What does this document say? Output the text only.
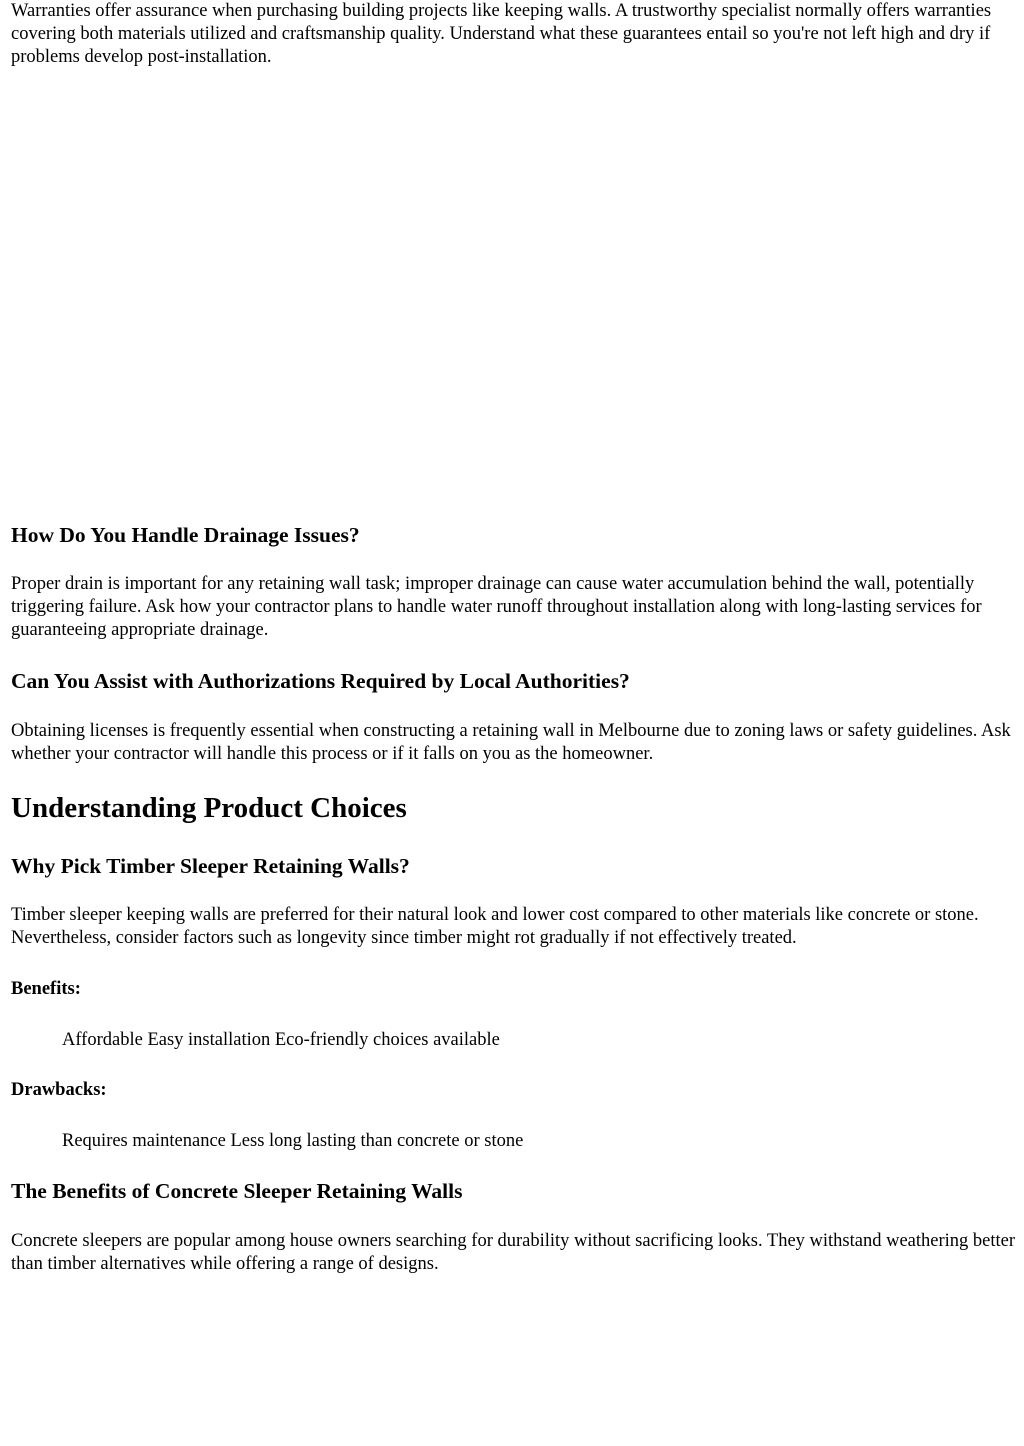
Warranties offer assurance when purchasing building projects like keeping walls. A trustworthy specialist normally offers warranties covering both materials utilized and craftsmanship quality. Understand what these guarantees entail so you're not left high and dry if problems develop post-installation.

How Do You Handle Drainage Issues?

Proper drain is important for any retaining wall task; improper drainage can cause water accumulation behind the wall, potentially triggering failure. Ask how your contractor plans to handle water runoff throughout installation along with long-lasting services for guaranteeing appropriate drainage.

Can You Assist with Authorizations Required by Local Authorities?

Obtaining licenses is frequently essential when constructing a retaining wall in Melbourne due to zoning laws or safety guidelines. Ask whether your contractor will handle this process or if it falls on you as the homeowner.

Understanding Product Choices
Why Pick Timber Sleeper Retaining Walls?

Timber sleeper keeping walls are preferred for their natural look and lower cost compared to other materials like concrete or stone. Nevertheless, consider factors such as longevity since timber might rot gradually if not effectively treated.

Benefits:

Affordable Easy installation Eco-friendly choices available

Drawbacks:

Requires maintenance Less long lasting than concrete or stone

The Benefits of Concrete Sleeper Retaining Walls

Concrete sleepers are popular among house owners searching for durability without sacrificing looks. They withstand weathering better than timber alternatives while offering a range of designs.
